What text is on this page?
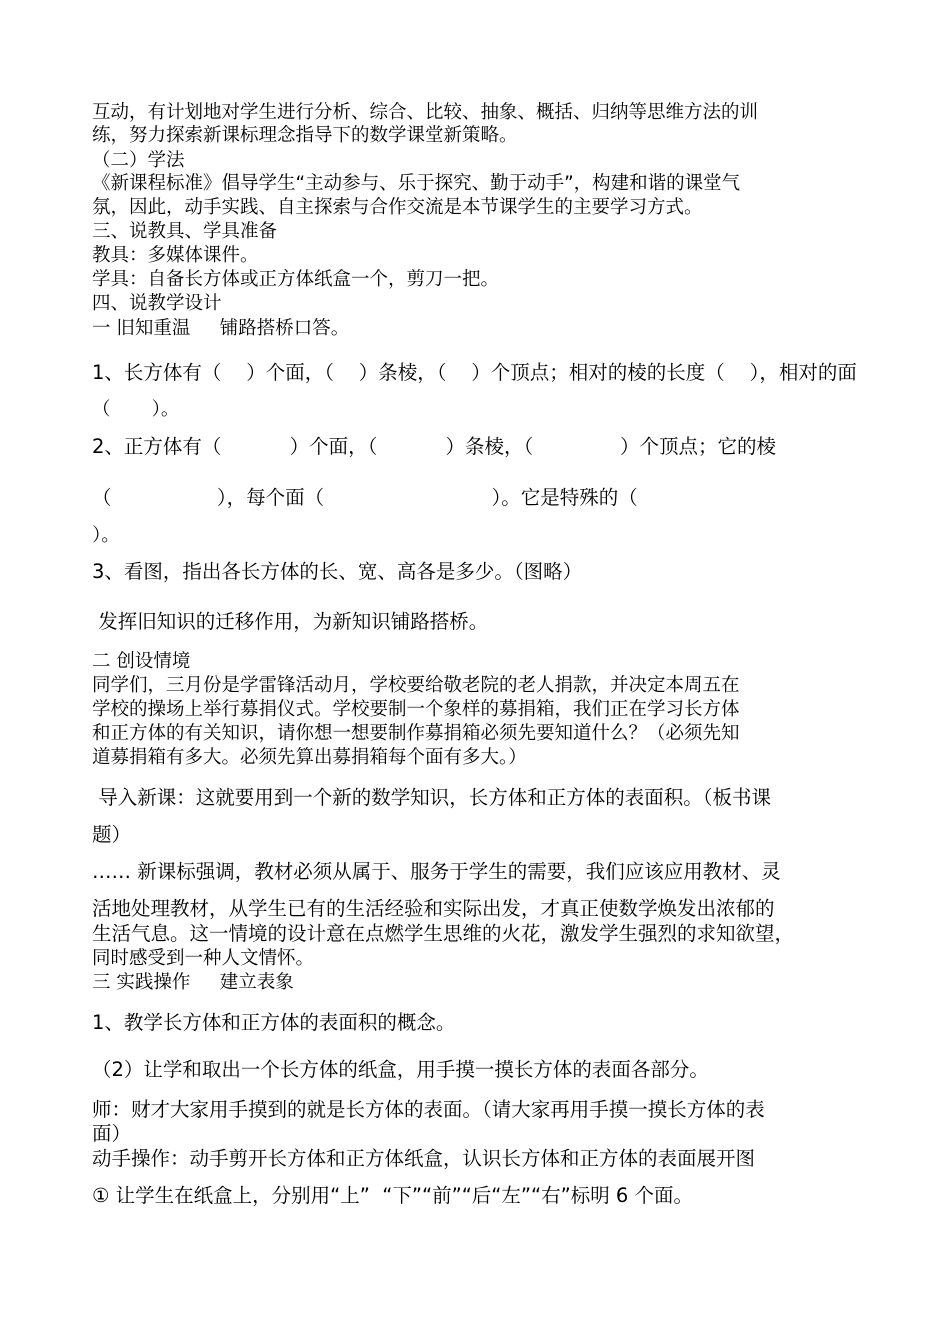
互动，有计划地对学生进行分析、综合、比较、抽象、概括、归纳等思维方法的训
练，努力探索新课标理念指导下的数学课堂新策略。
（二）学法
《新课程标准》倡导学生“主动参与、乐于探究、勤于动手”，构建和谐的课堂气
氛，因此，动手实践、自主探索与合作交流是本节课学生的主要学习方式。
三、说教具、学具准备
教具：多媒体课件。
学具：自备长方体或正方体纸盒一个，剪刀一把。
四、说教学设计
一 旧知重温     铺路搭桥口答。
1、长方体有（    ）个面，（    ）条棱，（    ）个顶点；相对的棱的长度（    ），相对的面
（       ）。
2、正方体有（           ）个面，（           ）条棱，（              ）个顶点；它的棱
（                 ），每个面（                           ）。它是特殊的（
）。
3、看图，指出各长方体的长、宽、高各是多少。（图略）
发挥旧知识的迁移作用，为新知识铺路搭桥。
二 创设情境
同学们，三月份是学雷锋活动月，学校要给敬老院的老人捐款，并决定本周五在
学校的操场上举行募捐仪式。学校要制一个象样的募捐箱，我们正在学习长方体
和正方体的有关知识，请你想一想要制作募捐箱必须先要知道什么？（必须先知
道募捐箱有多大。必须先算出募捐箱每个面有多大。）
导入新课：这就要用到一个新的数学知识，长方体和正方体的表面积。（板书课
题）
…… 新课标强调，教材必须从属于、服务于学生的需要，我们应该应用教材、灵
活地处理教材，从学生已有的生活经验和实际出发，才真正使数学焕发出浓郁的
生活气息。这一情境的设计意在点燃学生思维的火花，激发学生强烈的求知欲望，
同时感受到一种人文情怀。
三 实践操作     建立表象
1、教学长方体和正方体的表面积的概念。
（2）让学和取出一个长方体的纸盒，用手摸一摸长方体的表面各部分。
师：财才大家用手摸到的就是长方体的表面。（请大家再用手摸一摸长方体的表
面）
动手操作：动手剪开长方体和正方体纸盒，认识长方体和正方体的表面展开图
① 让学生在纸盒上，分别用“上”  “下”“前”“后“左”“右”标明 6 个面。
